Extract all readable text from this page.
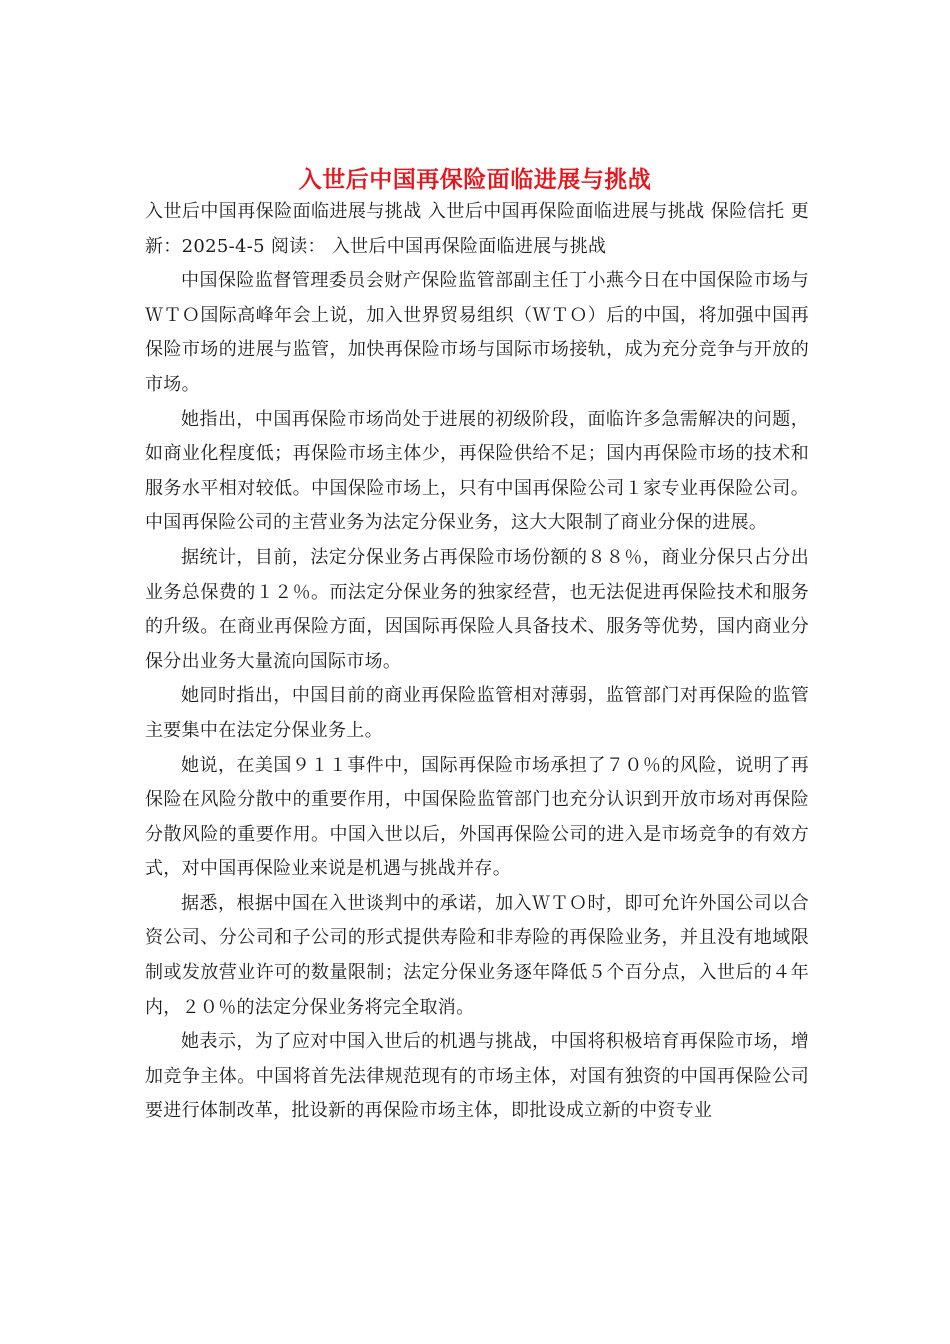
入世后中国再保险面临进展与挑战

入世后中国再保险面临进展与挑战 入世后中国再保险面临进展与挑战 保险信托 更新：2025-4-5 阅读： 入世后中国再保险面临进展与挑战

中国保险监督管理委员会财产保险监管部副主任丁小燕今日在中国保险市场与ＷＴＯ国际高峰年会上说，加入世界贸易组织（ＷＴＯ）后的中国，将加强中国再保险市场的进展与监管，加快再保险市场与国际市场接轨，成为充分竞争与开放的市场。

她指出，中国再保险市场尚处于进展的初级阶段，面临许多急需解决的问题，如商业化程度低；再保险市场主体少，再保险供给不足；国内再保险市场的技术和服务水平相对较低。中国保险市场上，只有中国再保险公司１家专业再保险公司。中国再保险公司的主营业务为法定分保业务，这大大限制了商业分保的进展。

据统计，目前，法定分保业务占再保险市场份额的８８％，商业分保只占分出业务总保费的１２％。而法定分保业务的独家经营，也无法促进再保险技术和服务的升级。在商业再保险方面，因国际再保险人具备技术、服务等优势，国内商业分保分出业务大量流向国际市场。

她同时指出，中国目前的商业再保险监管相对薄弱，监管部门对再保险的监管主要集中在法定分保业务上。

她说，在美国９１１事件中，国际再保险市场承担了７０％的风险，说明了再保险在风险分散中的重要作用，中国保险监管部门也充分认识到开放市场对再保险分散风险的重要作用。中国入世以后，外国再保险公司的进入是市场竞争的有效方式，对中国再保险业来说是机遇与挑战并存。

据悉，根据中国在入世谈判中的承诺，加入ＷＴＯ时，即可允许外国公司以合资公司、分公司和子公司的形式提供寿险和非寿险的再保险业务，并且没有地域限制或发放营业许可的数量限制；法定分保业务逐年降低５个百分点，入世后的４年内，２０％的法定分保业务将完全取消。

她表示，为了应对中国入世后的机遇与挑战，中国将积极培育再保险市场，增加竞争主体。中国将首先法律规范现有的市场主体，对国有独资的中国再保险公司要进行体制改革，批设新的再保险市场主体，即批设成立新的中资专业
